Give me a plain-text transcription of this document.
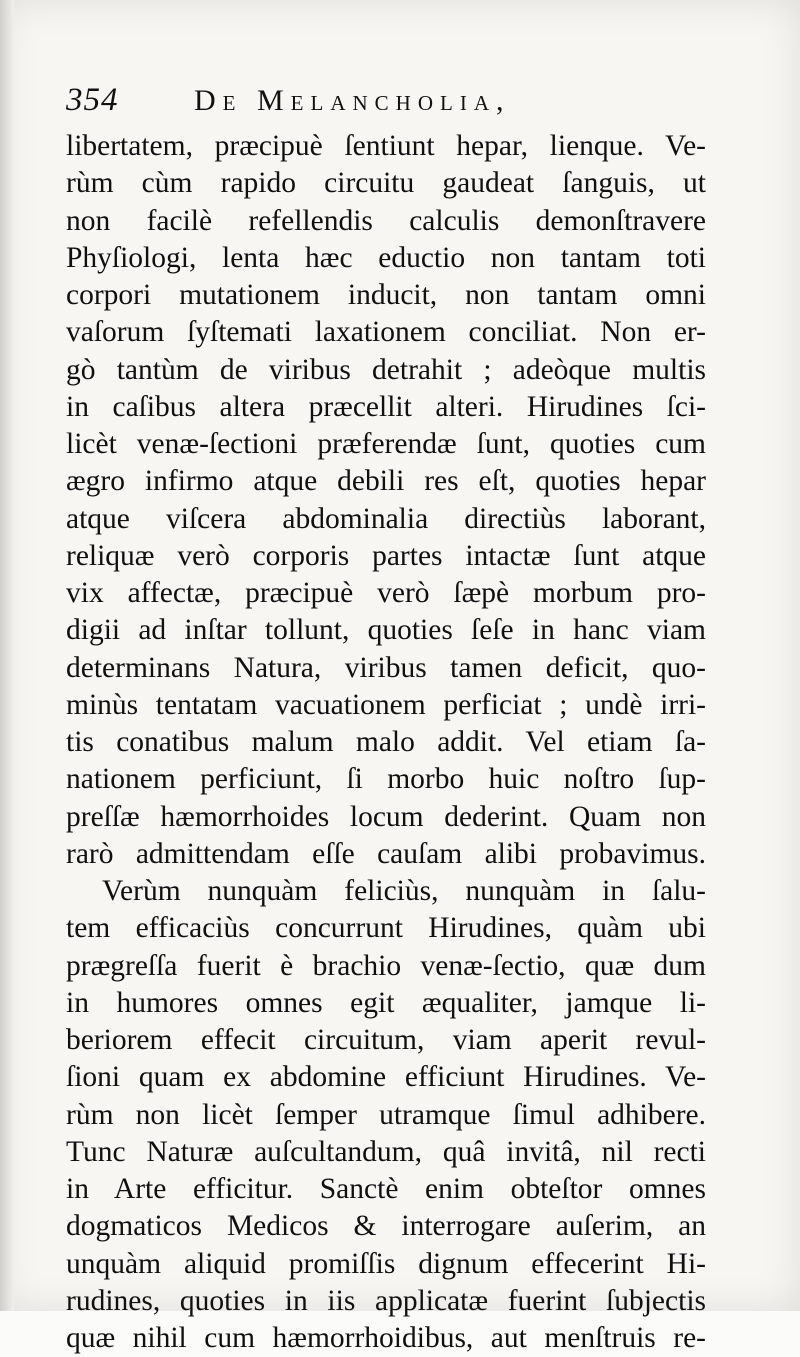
354	De Melancholia,
libertatem, præcipuè ſentiunt hepar, lienque. Ve-
rùm cùm rapido circuitu gaudeat ſanguis, ut
non facilè refellendis calculis demonſtravere
Phyſiologi, lenta hæc eductio non tantam toti
corpori mutationem inducit, non tantam omni
vaſorum ſyſtemati laxationem conciliat. Non er-
gò tantùm de viribus detrahit ; adeòque multis
in caſibus altera præcellit alteri. Hirudines ſci-
licèt venæ-ſectioni præferendæ ſunt, quoties cum
ægro infirmo atque debili res eſt, quoties hepar
atque viſcera abdominalia directiùs laborant,
reliquæ verò corporis partes intactæ ſunt atque
vix affectæ, præcipuè verò ſæpè morbum pro-
digii ad inſtar tollunt, quoties ſeſe in hanc viam
determinans Natura, viribus tamen deficit, quo-
minùs tentatam vacuationem perficiat ; undè irri-
tis conatibus malum malo addit. Vel etiam ſa-
nationem perficiunt, ſi morbo huic noſtro ſup-
preſſæ hæmorrhoides locum dederint. Quam non
rarò admittendam eſſe cauſam alibi probavimus.
Verùm nunquàm feliciùs, nunquàm in ſalu-
tem efficaciùs concurrunt Hirudines, quàm ubi
prægreſſa fuerit è brachio venæ-ſectio, quæ dum
in humores omnes egit æqualiter, jamque li-
beriorem effecit circuitum, viam aperit revul-
ſioni quam ex abdomine efficiunt Hirudines. Ve-
rùm non licèt ſemper utramque ſimul adhibere.
Tunc Naturæ auſcultandum, quâ invitâ, nil recti
in Arte efficitur. Sanctè enim obteſtor omnes
dogmaticos Medicos & interrogare auſerim, an
unquàm aliquid promiſſis dignum effecerint Hi-
rudines, quoties in iis applicatæ fuerint ſubjectis
quæ nihil cum hæmorrhoidibus, aut menſtruis re-
